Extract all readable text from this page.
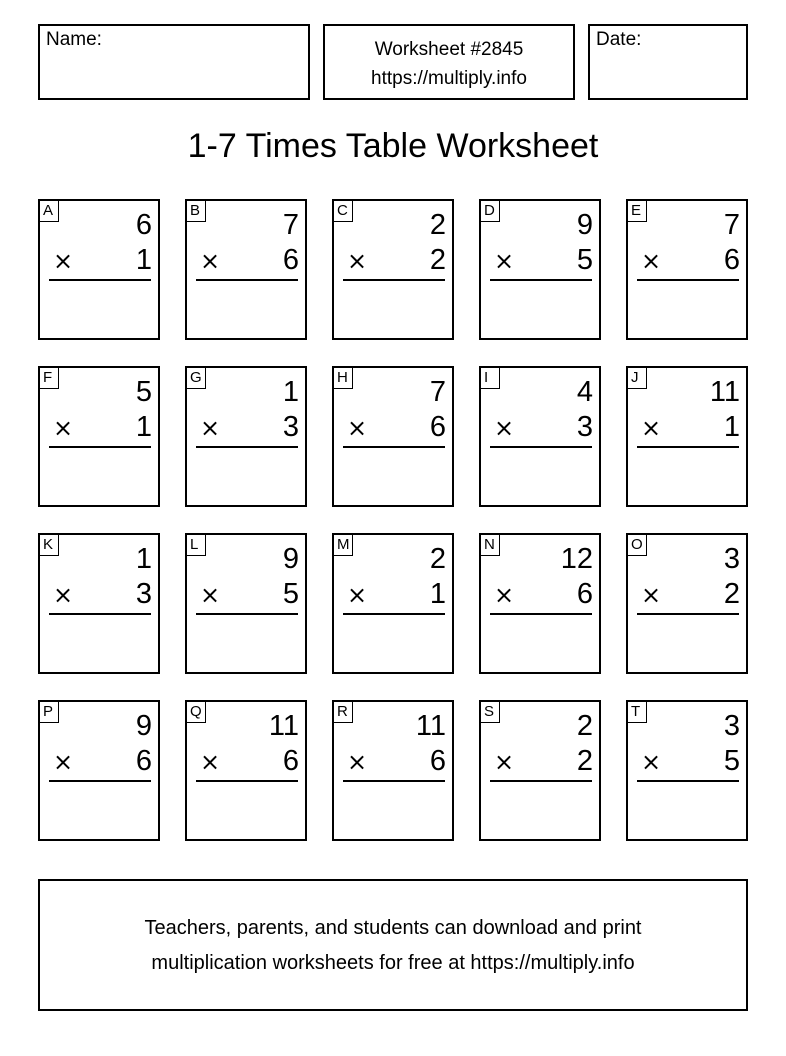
Name:	Worksheet #2845
https://multiply.info
Date:
1-7 Times Table Worksheet
A	6
× 1
B	7
× 6
C	2
× 2
D	9
× 5
E	7
× 6
F	5
× 1
G	1
× 3
H	7
× 6
I	4
× 3
J 11
× 1
K	1
× 3
L	9
× 5
M	2
× 1
N 12
× 6
O	3
× 2
P	9
× 6
Q 11
× 6
R 11
× 6
S	2
× 2
T	3
× 5
Teachers, parents, and students can download and print
multiplication worksheets for free at https://multiply.info
